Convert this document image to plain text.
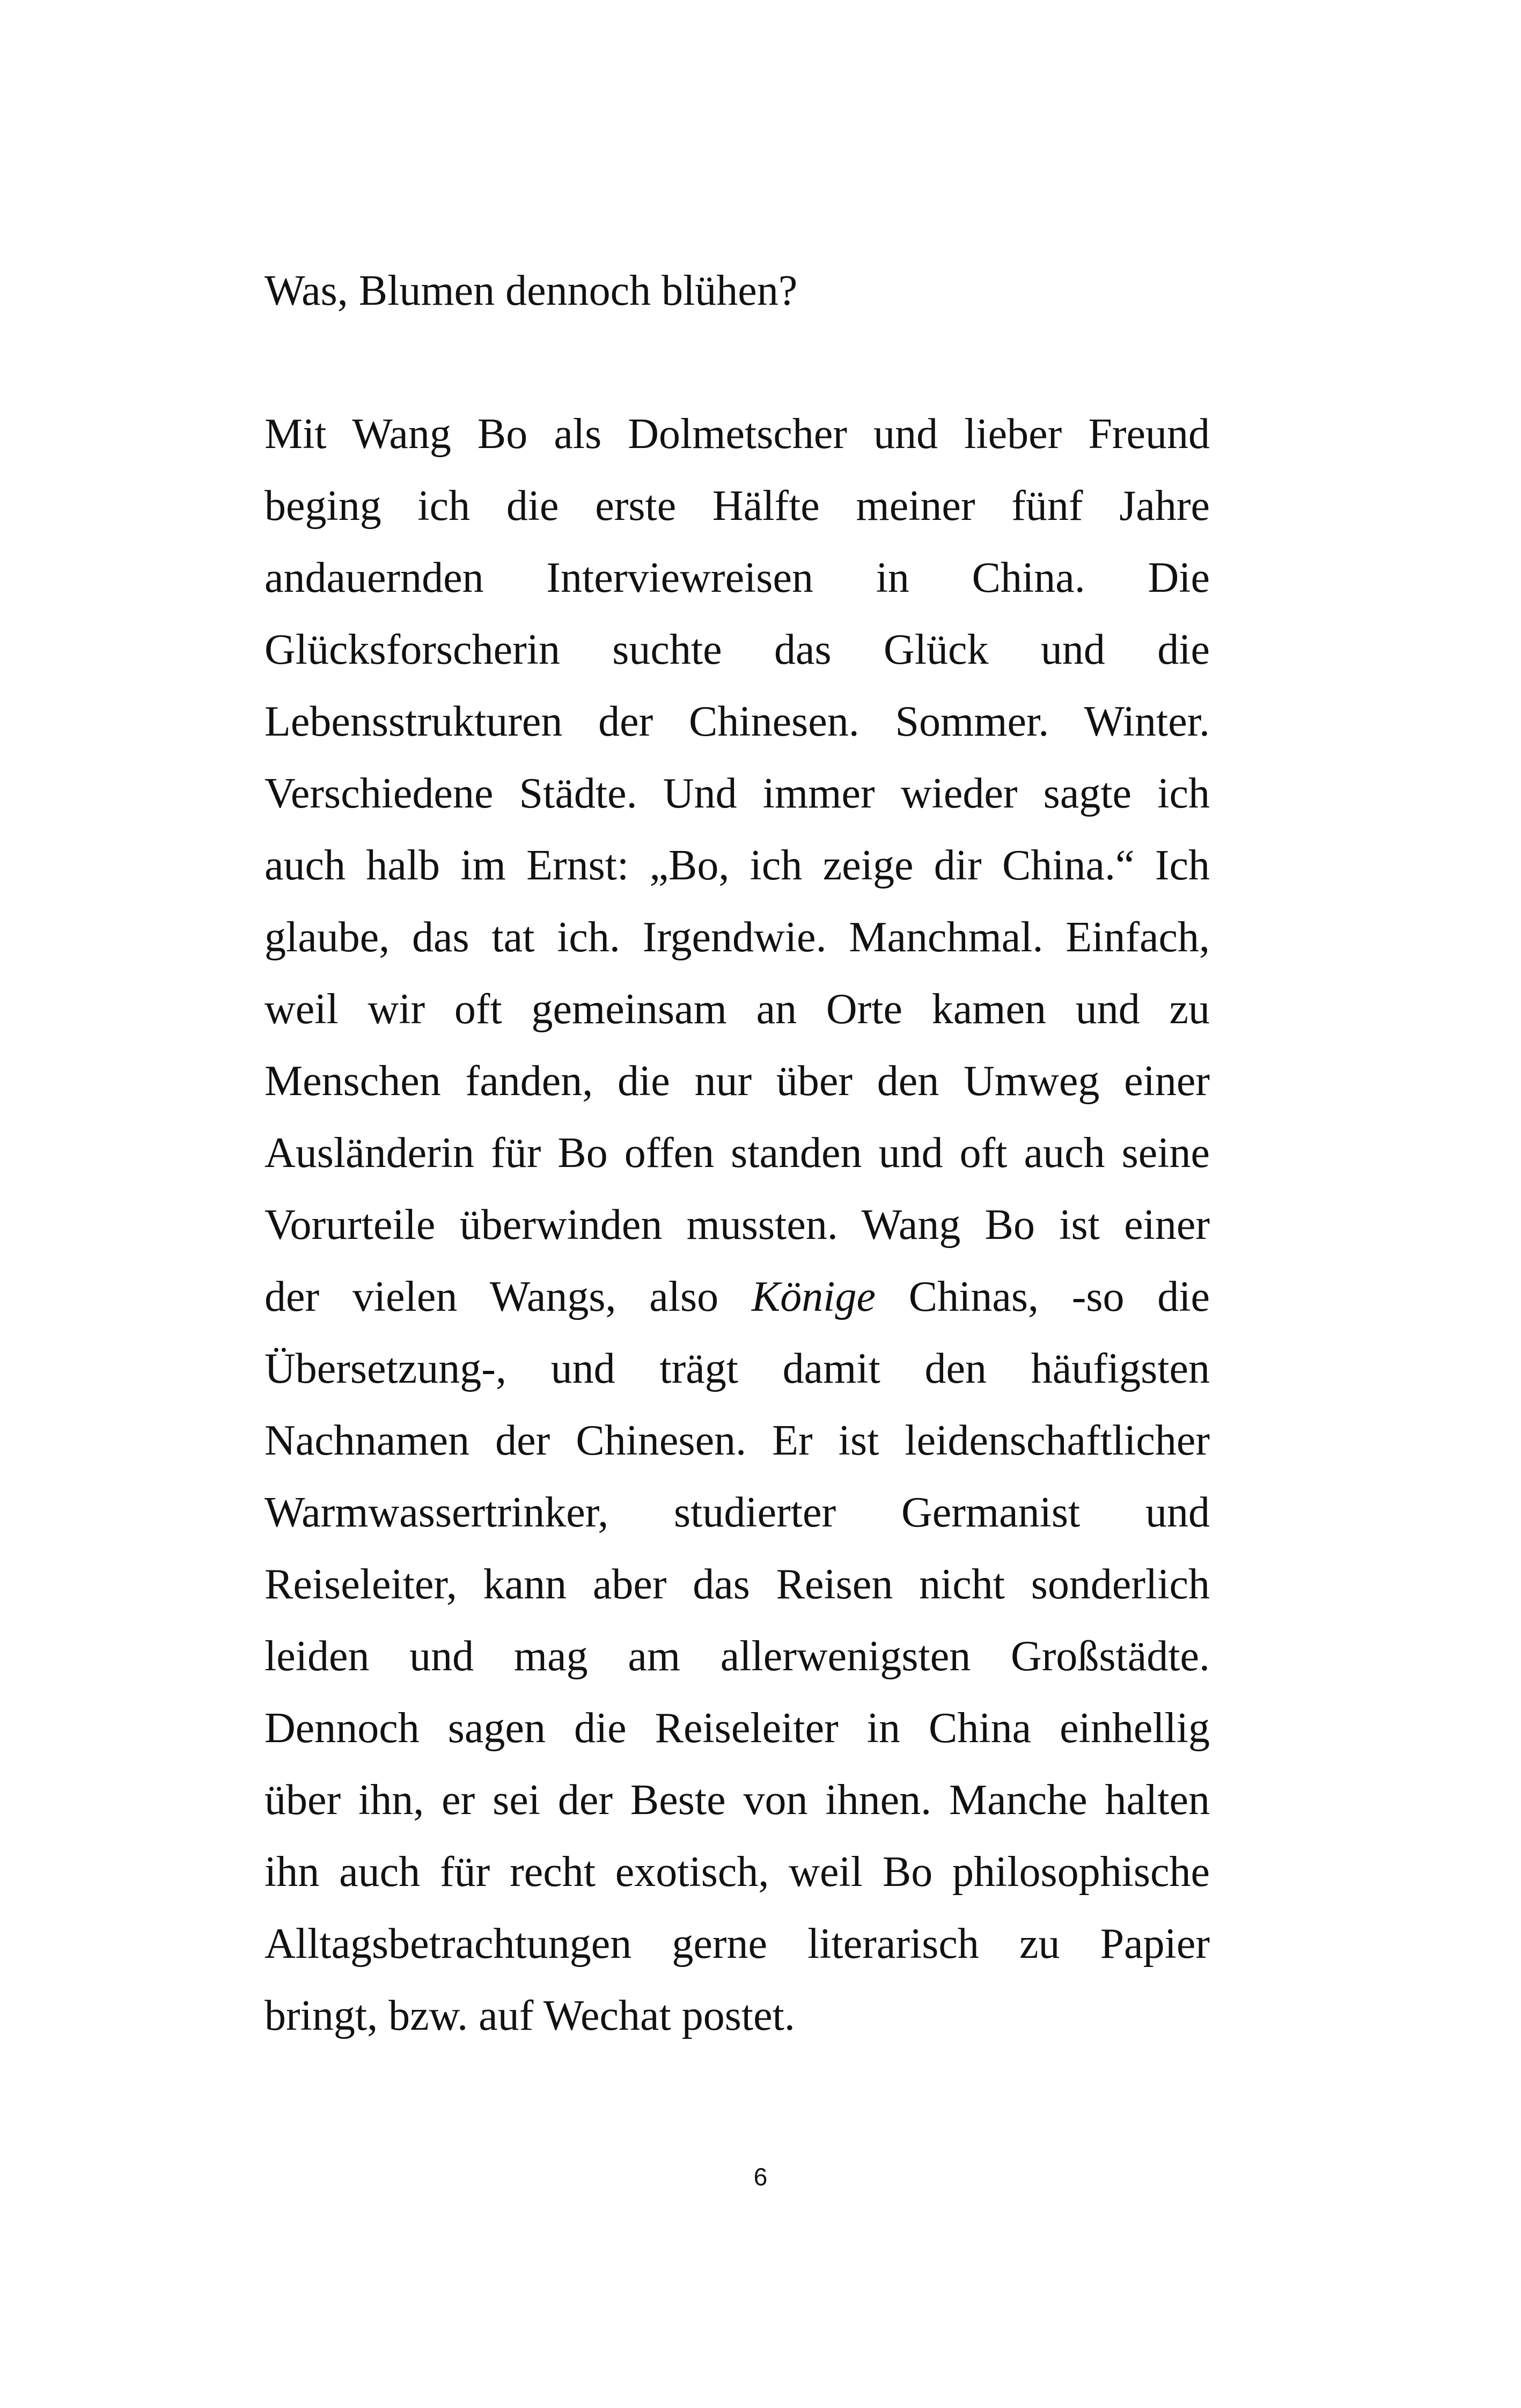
Was, Blumen dennoch blühen?
Mit Wang Bo als Dolmetscher und lieber Freund
beging ich die erste Hälfte meiner fünf Jahre
andauernden Interviewreisen in China. Die
Glücksforscherin suchte das Glück und die
Lebensstrukturen der Chinesen. Sommer. Winter.
Verschiedene Städte. Und immer wieder sagte ich
auch halb im Ernst: „Bo, ich zeige dir China.“ Ich
glaube, das tat ich. Irgendwie. Manchmal. Einfach,
weil wir oft gemeinsam an Orte kamen und zu
Menschen fanden, die nur über den Umweg einer
Ausländerin für Bo offen standen und oft auch seine
Vorurteile überwinden mussten. Wang Bo ist einer
der vielen Wangs, also Könige Chinas, -so die
Übersetzung-, und trägt damit den häufigsten
Nachnamen der Chinesen. Er ist leidenschaftlicher
Warmwassertrinker, studierter Germanist und
Reiseleiter, kann aber das Reisen nicht sonderlich
leiden und mag am allerwenigsten Großstädte.
Dennoch sagen die Reiseleiter in China einhellig
über ihn, er sei der Beste von ihnen. Manche halten
ihn auch für recht exotisch, weil Bo philosophische
Alltagsbetrachtungen gerne literarisch zu Papier
bringt, bzw. auf Wechat postet.
6
